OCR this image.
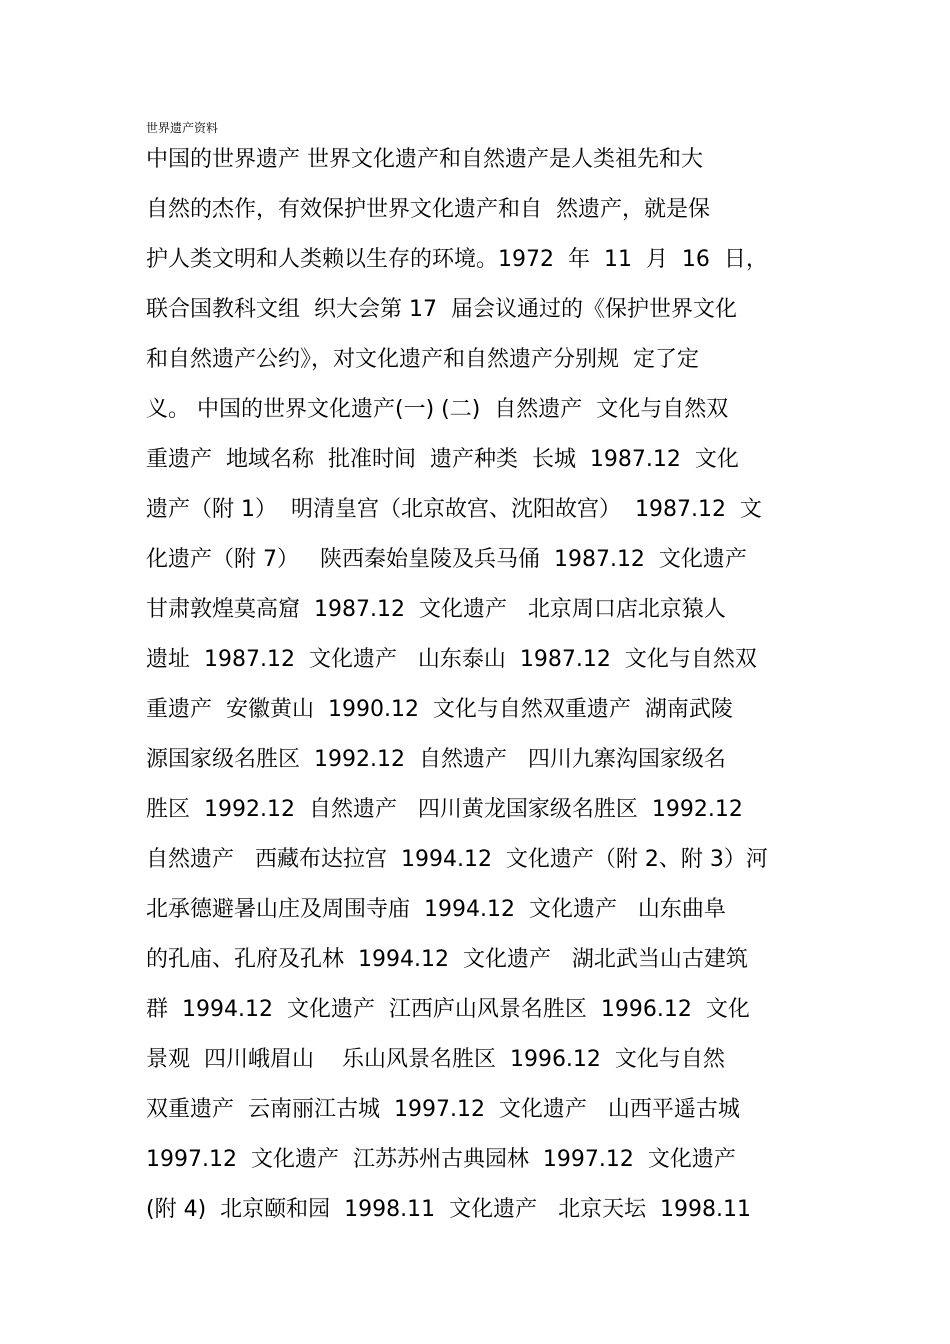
世界遗产资料
中国的世界遗产 世界文化遗产和自然遗产是人类祖先和大
自然的杰作，有效保护世界文化遗产和自  然遗产，就是保
护人类文明和人类赖以生存的环境。1972  年  11  月  16  日，
联合国教科文组  织大会第 17  届会议通过的《保护世界文化
和自然遗产公约》，对文化遗产和自然遗产分别规  定了定
义。 中国的世界文化遗产(一) (二)  自然遗产  文化与自然双
重遗产  地域名称  批准时间  遗产种类  长城  1987.12  文化
遗产（附 1）  明清皇宫（北京故宫、沈阳故宫）  1987.12  文
化遗产（附 7）   陕西秦始皇陵及兵马俑  1987.12  文化遗产
甘肃敦煌莫高窟  1987.12  文化遗产   北京周口店北京猿人
遗址  1987.12  文化遗产   山东泰山  1987.12  文化与自然双
重遗产  安徽黄山  1990.12  文化与自然双重遗产  湖南武陵
源国家级名胜区  1992.12  自然遗产   四川九寨沟国家级名
胜区  1992.12  自然遗产   四川黄龙国家级名胜区  1992.12
自然遗产   西藏布达拉宫  1994.12  文化遗产（附 2、附 3）河
北承德避暑山庄及周围寺庙  1994.12  文化遗产   山东曲阜
的孔庙、孔府及孔林  1994.12  文化遗产   湖北武当山古建筑
群  1994.12  文化遗产  江西庐山风景名胜区  1996.12  文化
景观  四川峨眉山    乐山风景名胜区  1996.12  文化与自然
双重遗产  云南丽江古城  1997.12  文化遗产   山西平遥古城
1997.12  文化遗产  江苏苏州古典园林  1997.12  文化遗产
(附 4)  北京颐和园  1998.11  文化遗产   北京天坛  1998.11
